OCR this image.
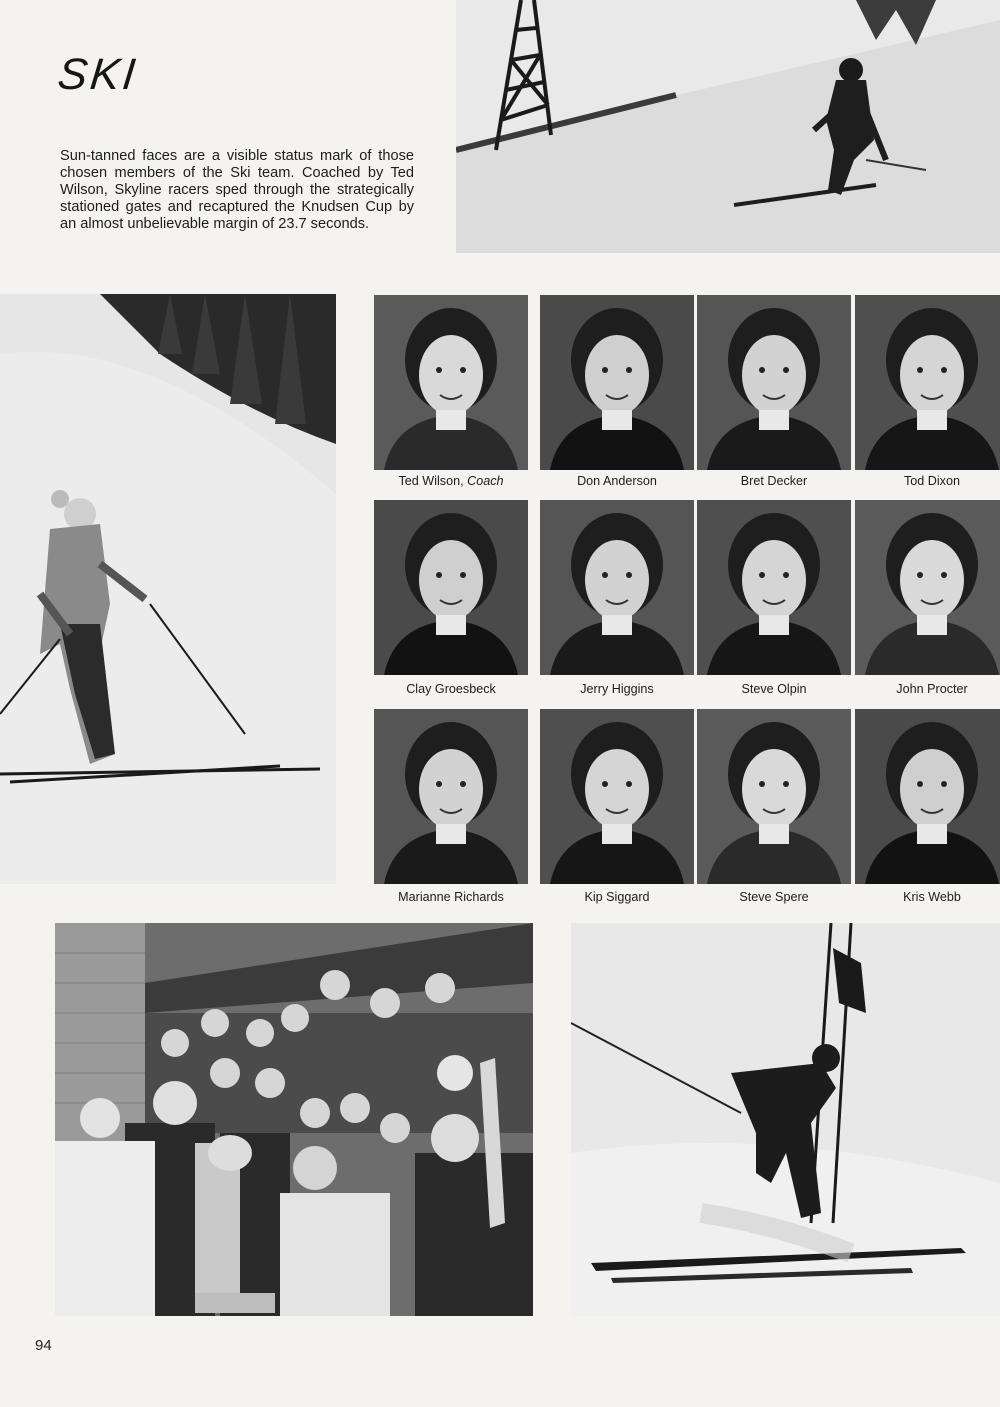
SKI
Sun-tanned faces are a visible status mark of those chosen members of the Ski team. Coached by Ted Wilson, Skyline racers sped through the strategically stationed gates and recaptured the Knudsen Cup by an almost unbelievable margin of 23.7 seconds.
Ted Wilson, Coach	Don Anderson	Bret Decker	Tod Dixon
Clay Groesbeck	Jerry Higgins	Steve Olpin	John Procter
Marianne Richards	Kip Siggard	Steve Spere	Kris Webb
94
